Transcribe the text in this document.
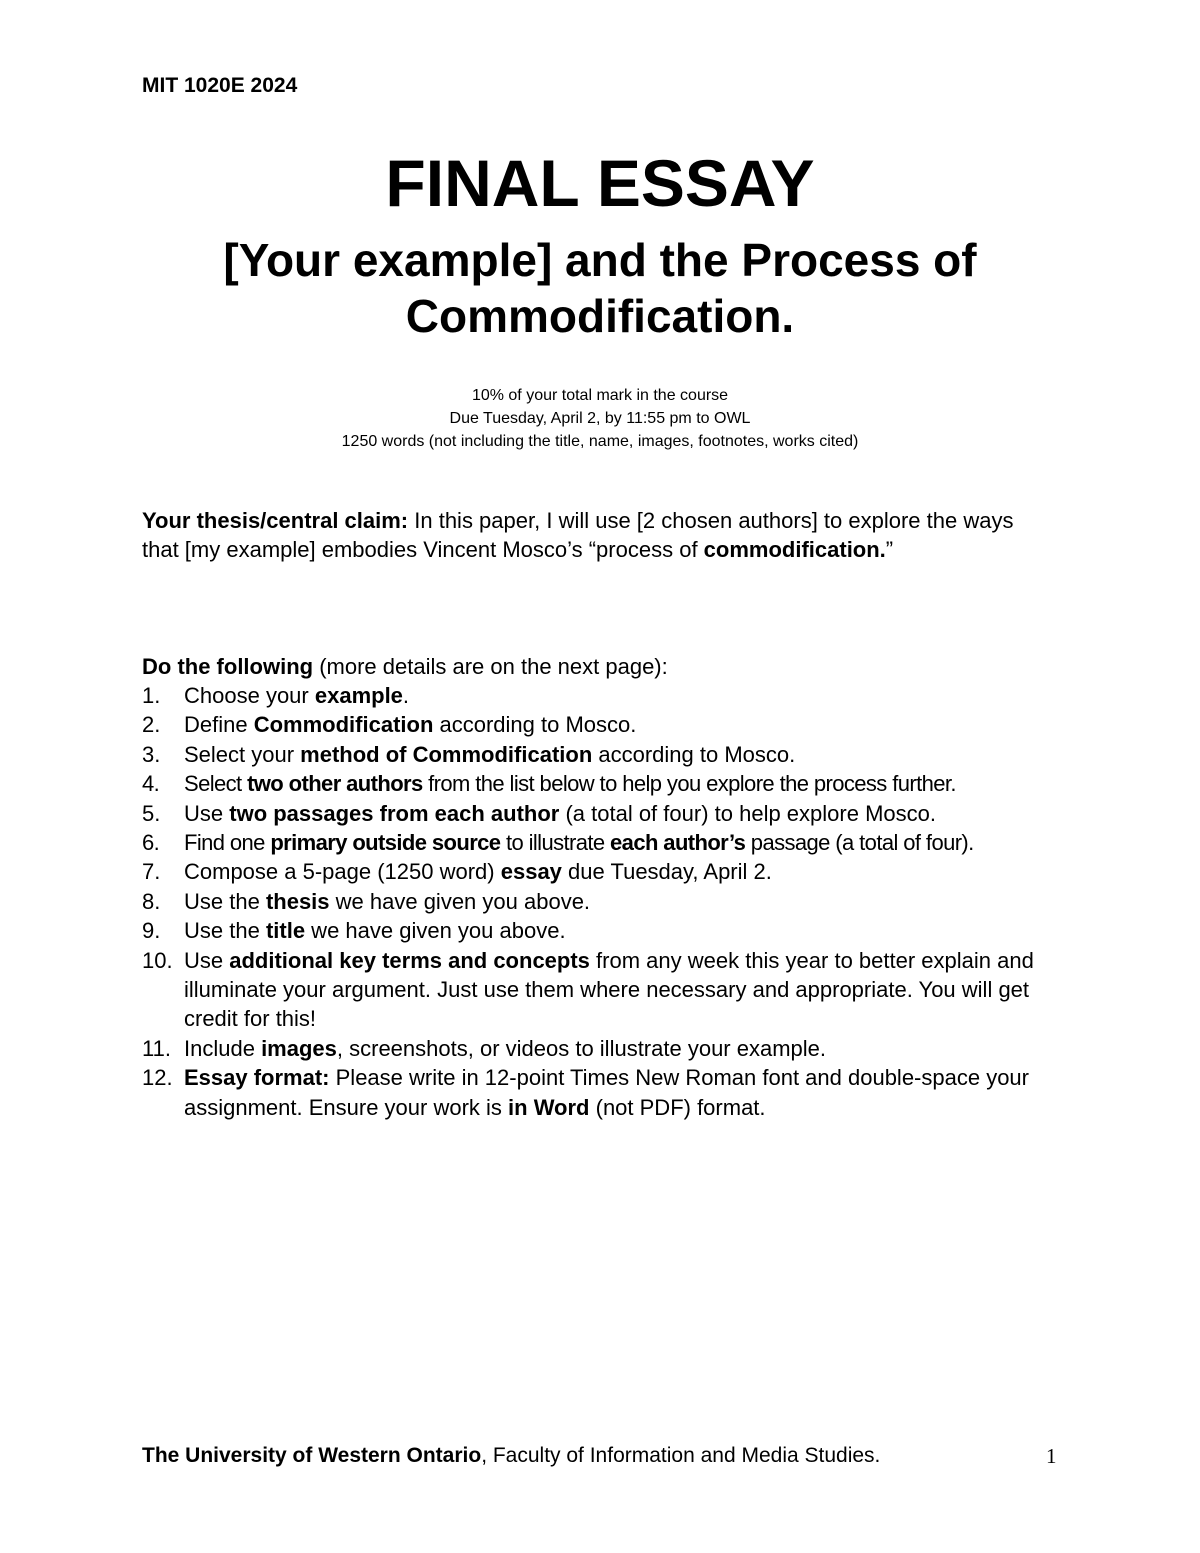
MIT 1020E 2024
FINAL ESSAY
[Your example] and the Process of
Commodification.
10% of your total mark in the course
Due Tuesday, April 2, by 11:55 pm to OWL
1250 words (not including the title, name, images, footnotes, works cited)
Your thesis/central claim: In this paper, I will use [2 chosen authors] to explore the ways that [my example] embodies Vincent Mosco’s “process of commodification.”
Do the following (more details are on the next page):
1. Choose your example.
2. Define Commodification according to Mosco.
3. Select your method of Commodification according to Mosco.
4. Select two other authors from the list below to help you explore the process further.
5. Use two passages from each author (a total of four) to help explore Mosco.
6. Find one primary outside source to illustrate each author’s passage (a total of four).
7. Compose a 5-page (1250 word) essay due Tuesday, April 2.
8. Use the thesis we have given you above.
9. Use the title we have given you above.
10. Use additional key terms and concepts from any week this year to better explain and illuminate your argument. Just use them where necessary and appropriate. You will get credit for this!
11. Include images, screenshots, or videos to illustrate your example.
12. Essay format: Please write in 12-point Times New Roman font and double-space your assignment. Ensure your work is in Word (not PDF) format.
The University of Western Ontario, Faculty of Information and Media Studies.	1
